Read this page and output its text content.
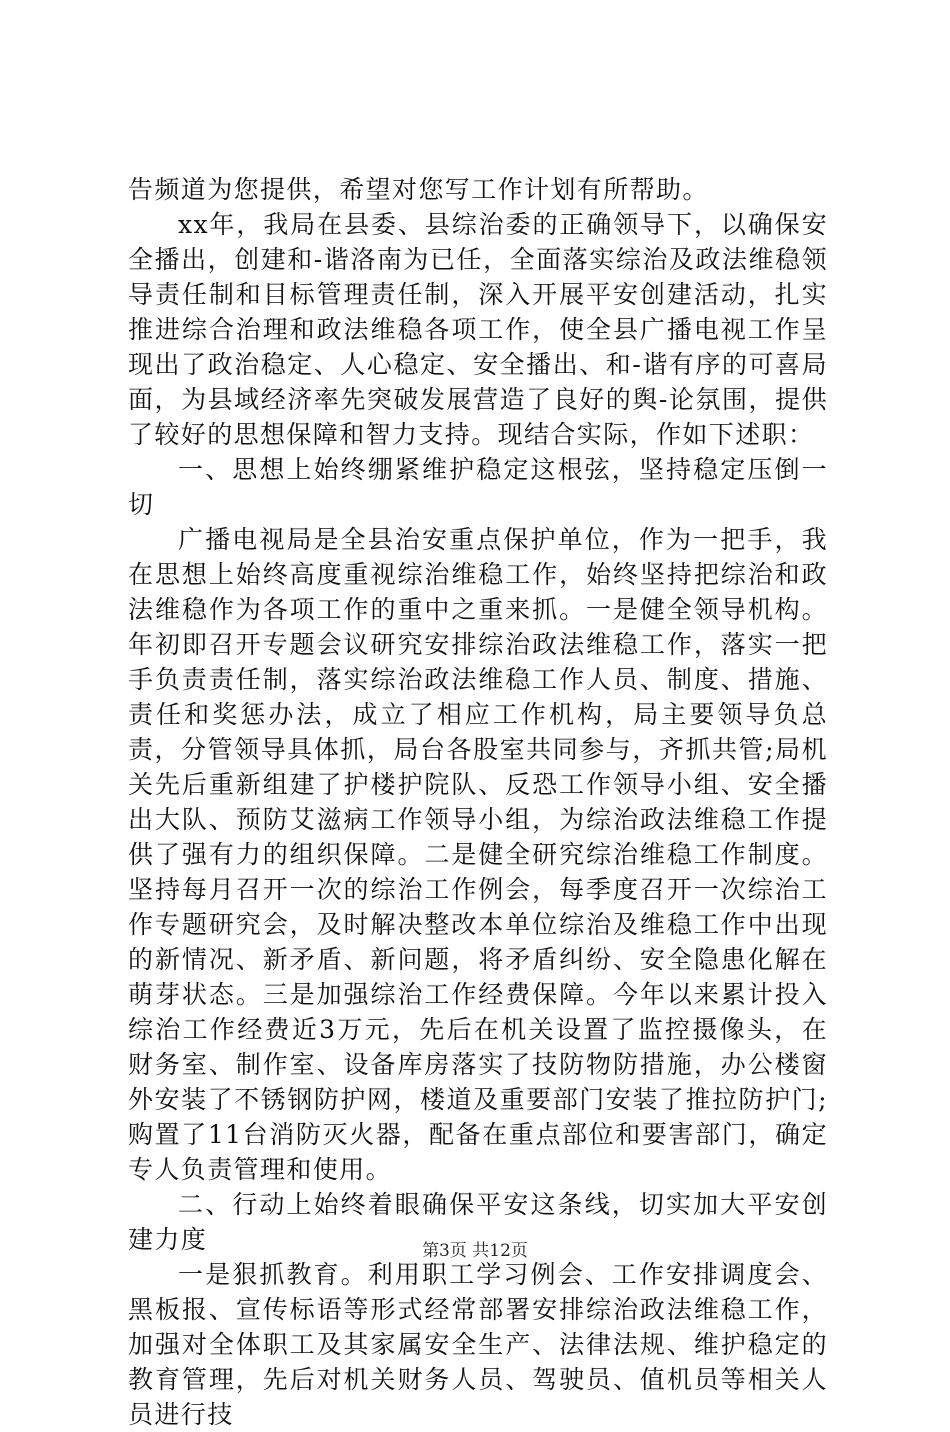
告频道为您提供，希望对您写工作计划有所帮助。

xx年，我局在县委、县综治委的正确领导下，以确保安全播出，创建和-谐洛南为已任，全面落实综治及政法维稳领导责任制和目标管理责任制，深入开展平安创建活动，扎实推进综合治理和政法维稳各项工作，使全县广播电视工作呈现出了政治稳定、人心稳定、安全播出、和-谐有序的可喜局面，为县域经济率先突破发展营造了良好的舆-论氛围，提供了较好的思想保障和智力支持。现结合实际，作如下述职：

一、思想上始终绷紧维护稳定这根弦，坚持稳定压倒一切

广播电视局是全县治安重点保护单位，作为一把手，我在思想上始终高度重视综治维稳工作，始终坚持把综治和政法维稳作为各项工作的重中之重来抓。一是健全领导机构。年初即召开专题会议研究安排综治政法维稳工作，落实一把手负责责任制，落实综治政法维稳工作人员、制度、措施、责任和奖惩办法，成立了相应工作机构，局主要领导负总责，分管领导具体抓，局台各股室共同参与，齐抓共管;局机关先后重新组建了护楼护院队、反恐工作领导小组、安全播出大队、预防艾滋病工作领导小组，为综治政法维稳工作提供了强有力的组织保障。二是健全研究综治维稳工作制度。坚持每月召开一次的综治工作例会，每季度召开一次综治工作专题研究会，及时解决整改本单位综治及维稳工作中出现的新情况、新矛盾、新问题，将矛盾纠纷、安全隐患化解在萌芽状态。三是加强综治工作经费保障。今年以来累计投入综治工作经费近3万元，先后在机关设置了监控摄像头，在财务室、制作室、设备库房落实了技防物防措施，办公楼窗外安装了不锈钢防护网，楼道及重要部门安装了推拉防护门;购置了11台消防灭火器，配备在重点部位和要害部门，确定专人负责管理和使用。

二、行动上始终着眼确保平安这条线，切实加大平安创建力度

一是狠抓教育。利用职工学习例会、工作安排调度会、黑板报、宣传标语等形式经常部署安排综治政法维稳工作，加强对全体职工及其家属安全生产、法律法规、维护稳定的教育管理，先后对机关财务人员、驾驶员、值机员等相关人员进行技

第3页 共12页
